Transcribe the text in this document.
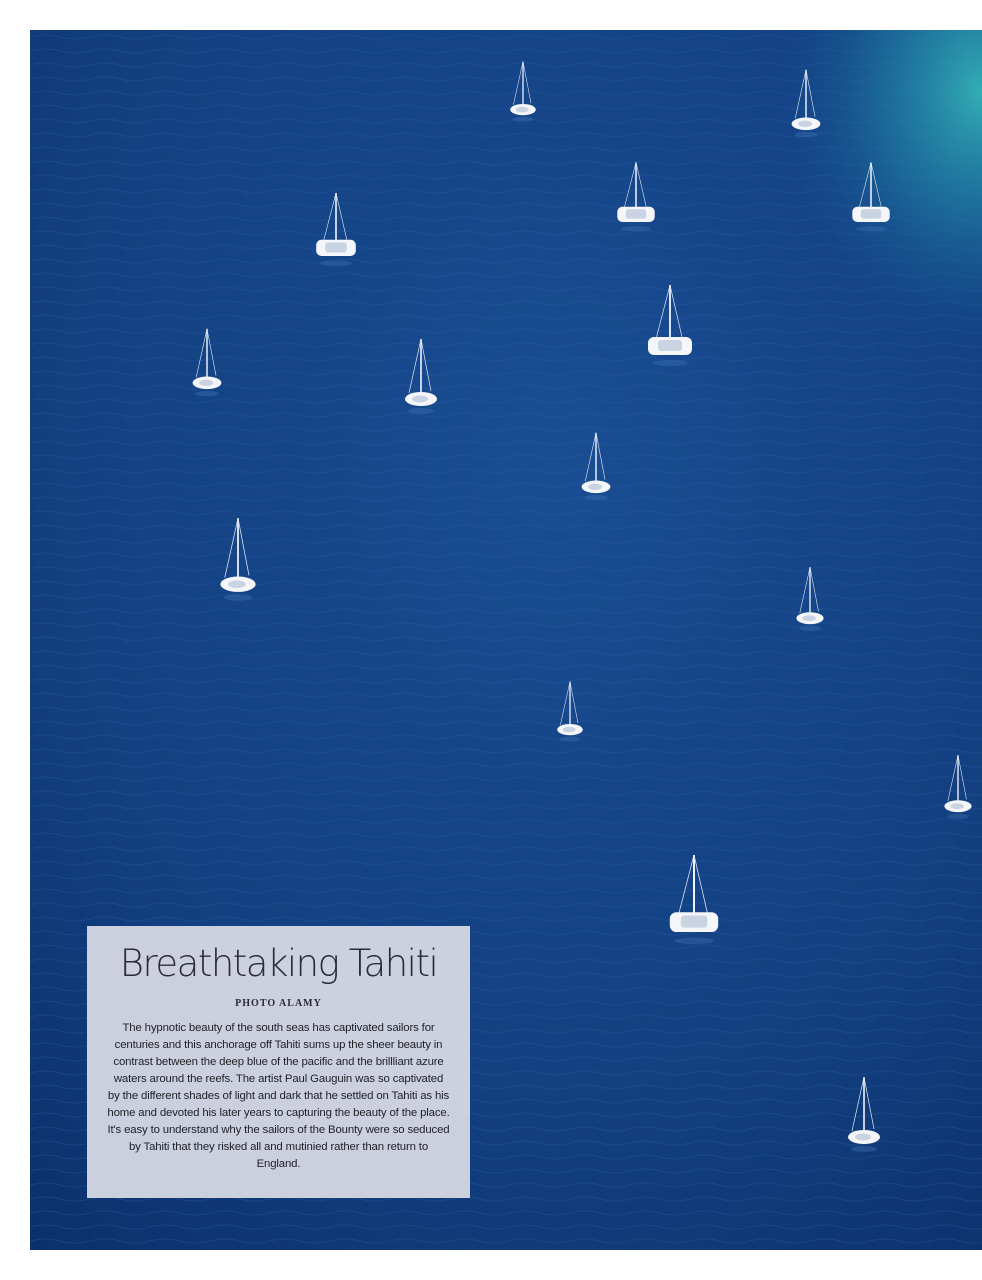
Breathtaking Tahiti
PHOTO ALAMY

The hypnotic beauty of the south seas has captivated sailors for centuries and this anchorage off Tahiti sums up the sheer beauty in contrast between the deep blue of the pacific and the brillliant azure waters around the reefs. The artist Paul Gauguin was so captivated by the different shades of light and dark that he settled on Tahiti as his home and devoted his later years to capturing the beauty of the place. It's easy to understand why the sailors of the Bounty were so seduced by Tahiti that they risked all and mutinied rather than return to England.
